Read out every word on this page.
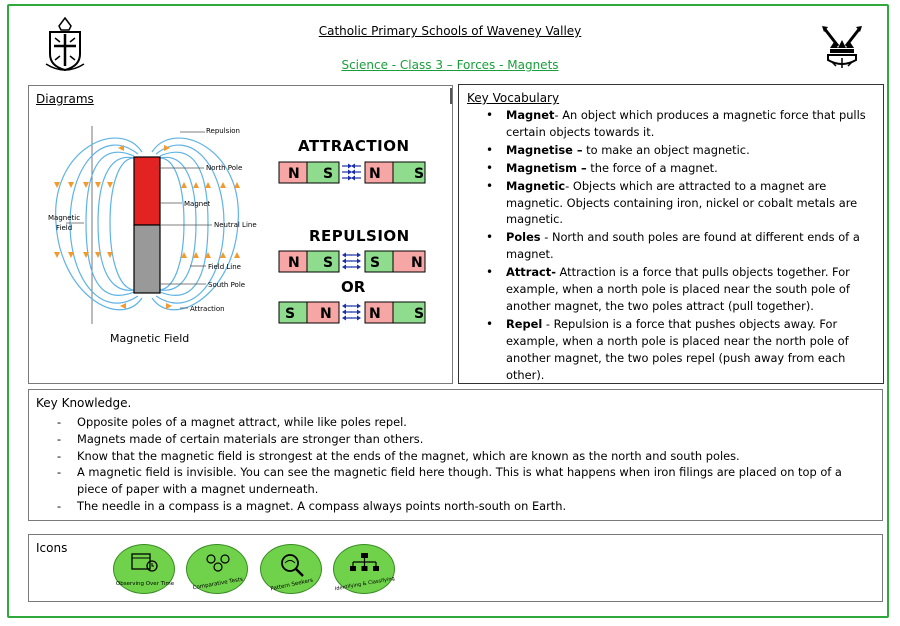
Catholic Primary Schools of Waveney Valley
Science - Class 3 – Forces - Magnets
Diagrams
Repulsion
North Pole
Magnet
Neutral Line
Field Line
South Pole
Attraction
Magnetic
Field
Magnetic Field
ATTRACTION
REPULSION
OR
N S	N S
N S	S N
S N	N S
Key Vocabulary
• Magnet- An object which produces a magnetic force that pulls certain objects towards it.
• Magnetise – to make an object magnetic.
• Magnetism – the force of a magnet.
• Magnetic- Objects which are attracted to a magnet are magnetic. Objects containing iron, nickel or cobalt metals are magnetic.
• Poles - North and south poles are found at different ends of a magnet.
• Attract- Attraction is a force that pulls objects together. For example, when a north pole is placed near the south pole of another magnet, the two poles attract (pull together).
• Repel - Repulsion is a force that pushes objects away. For example, when a north pole is placed near the north pole of another magnet, the two poles repel (push away from each other).
Key Knowledge.
- Opposite poles of a magnet attract, while like poles repel.
- Magnets made of certain materials are stronger than others.
- Know that the magnetic field is strongest at the ends of the magnet, which are known as the north and south poles.
- A magnetic field is invisible. You can see the magnetic field here though. This is what happens when iron filings are placed on top of a piece of paper with a magnet underneath.
- The needle in a compass is a magnet. A compass always points north-south on Earth.
Icons
Observing Over Time	Comparative Tests	Pattern Seekers	Identifying & Classifying
